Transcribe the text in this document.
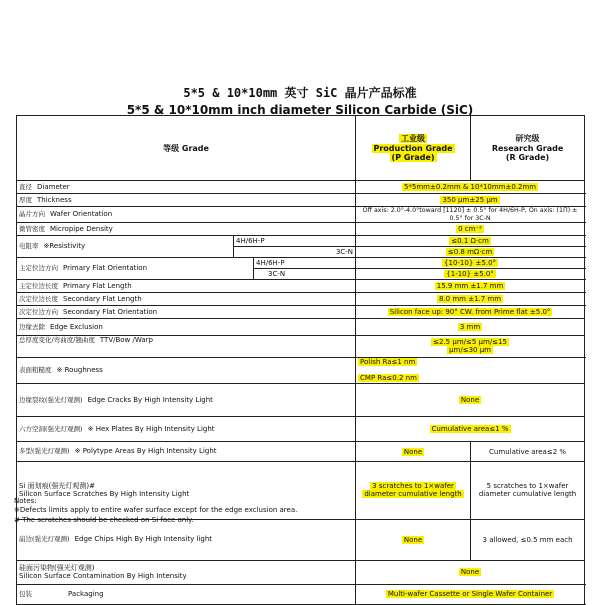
5*5 & 10*10mm 英寸 SiC 晶片产品标准
5*5 & 10*10mm inch diameter Silicon Carbide (SiC)
等级 Grade			工业级
Production Grade
(P Grade)	研究级
Research Grade
(R Grade)	

直径 Diameter			5*5mm±0.2mm & 10*10mm±0.2mm		
厚度 Thickness			350 μm±25 μm		
晶片方向 Wafer Orientation			Off axis: 2.0°-4.0°toward [1120] ± 0.5° for 4H/6H-P, On axis: (1Π) ± 0.5° for 3C-N		
微管密度 Micropipe Density			0 cm⁻²		
电阻率 ※Resistivity	4H/6H-P		≤0.1 Ω·cm		
	3C-N		≤0.8 mΩ·cm		
主定位边方向 Primary Flat Orientation		4H/6H-P	{10-10} ±5.0°		
		3C-N	{1-10} ±5.0°		
主定位边长度 Primary Flat Length			15.9 mm ±1.7 mm		
次定位边长度 Secondary Flat Length			8.0 mm ±1.7 mm		
次定位边方向 Secondary Flat Orientation			Silicon face up: 90° CW. from Prime flat ±5.0°		
边缘去除 Edge Exclusion			3 mm	
总厚度变化/弯曲度/翘曲度 TTV/Bow /Warp			≤2.5 μm/≤5 μm/≤15
μm/≤30 μm		
表面粗糙度 ※ Roughness			Polish Ra≤1 nm

CMP Ra≤0.2 nm		
边缘裂纹(强光灯观测) Edge Cracks By High Intensity Light			None	
六方空洞(强光灯观测) ※ Hex Plates By High Intensity Light			Cumulative area≤1 %	
多型(强光灯观测) ※ Polytype Areas By High Intensity Light			None	Cumulative area≤2 %	
Si 面划痕(强光灯观测)#
Silicon Surface Scratches By High Intensity Light			3 scratches to 1×wafer
diameter cumulative length	5 scratches to 1×wafer
diameter cumulative length	

崩边(强光灯观测) Edge Chips High By High Intensity light			None	3 allowed, ≤0.5 mm each	
硅面污染物(强光灯观测)
Silicon Surface Contamination By High Intensity			None		
包装 Packaging			Multi-wafer Cassette or Single Wafer Container		
Notes:
※Defects limits apply to entire wafer surface except for the edge exclusion area.
# The scratches should be checked on Si face only.
